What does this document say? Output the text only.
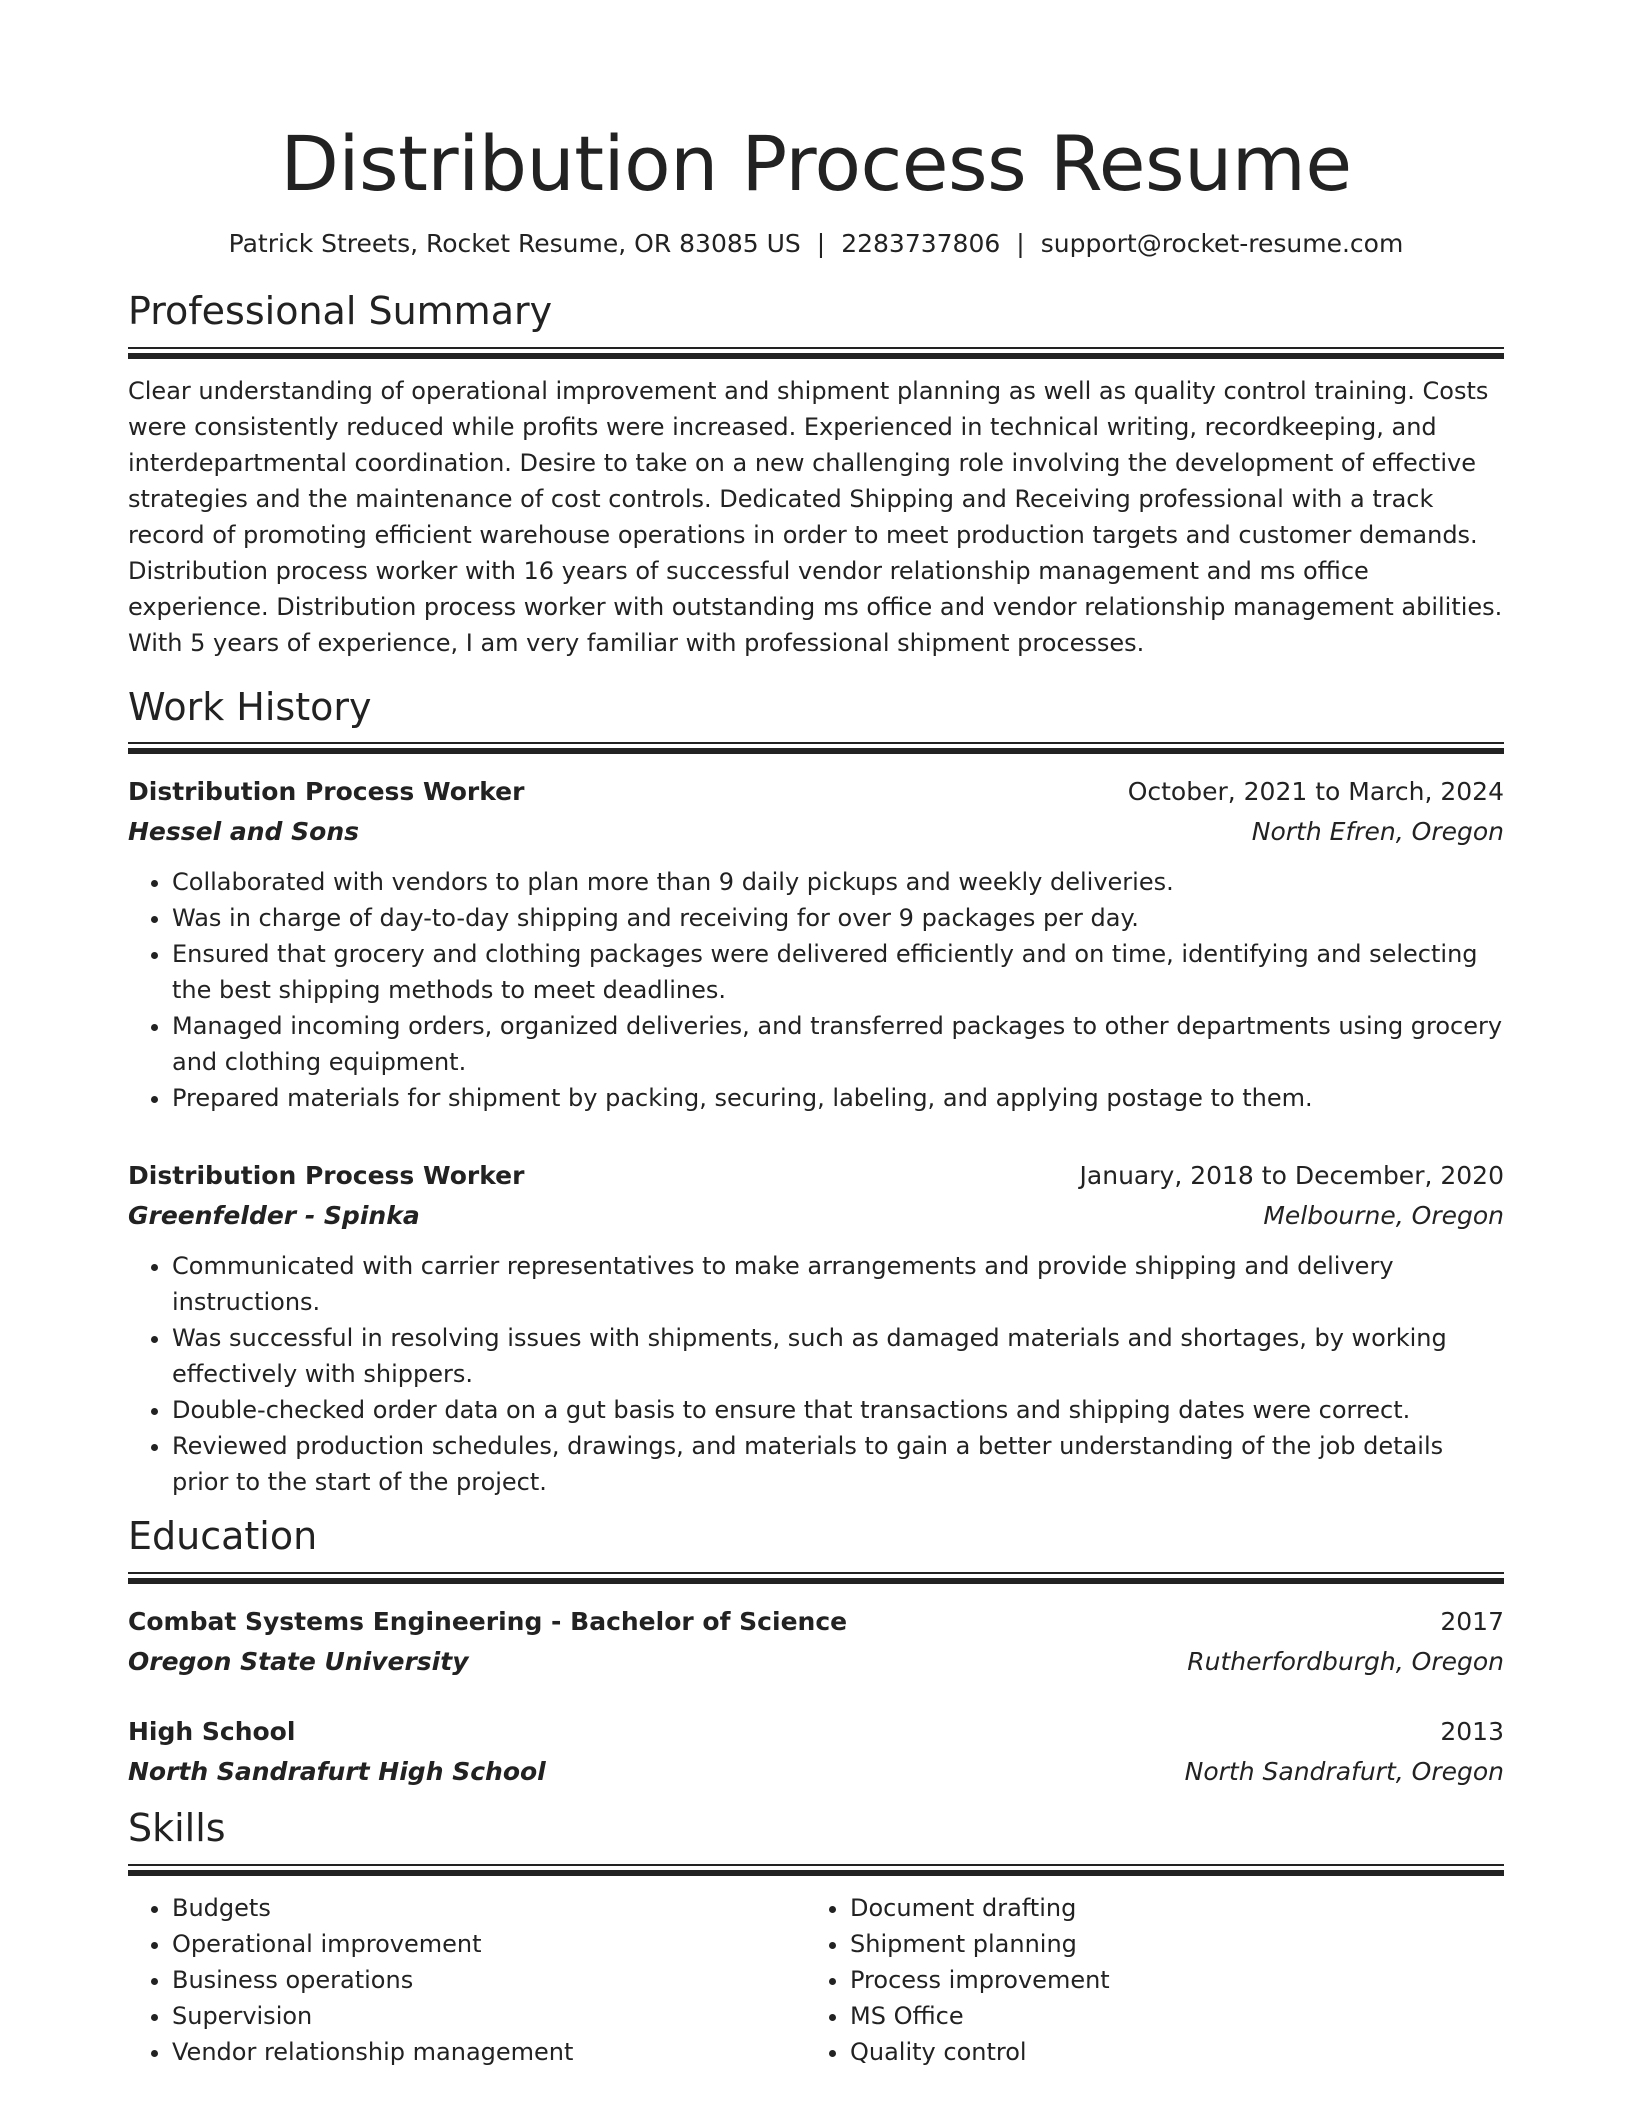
Distribution Process Resume
Patrick Streets, Rocket Resume, OR 83085 US | 2283737806 | support@rocket-resume.com
Professional Summary

Clear understanding of operational improvement and shipment planning as well as quality control training. Costs were consistently reduced while profits were increased. Experienced in technical writing, recordkeeping, and interdepartmental coordination. Desire to take on a new challenging role involving the development of effective strategies and the maintenance of cost controls. Dedicated Shipping and Receiving professional with a track record of promoting efficient warehouse operations in order to meet production targets and customer demands. Distribution process worker with 16 years of successful vendor relationship management and ms office experience. Distribution process worker with outstanding ms office and vendor relationship management abilities. With 5 years of experience, I am very familiar with professional shipment processes.

Work History
Distribution Process Worker	October, 2021 to March, 2024
Hessel and Sons	North Efren, Oregon
• Collaborated with vendors to plan more than 9 daily pickups and weekly deliveries.
• Was in charge of day-to-day shipping and receiving for over 9 packages per day.
• Ensured that grocery and clothing packages were delivered efficiently and on time, identifying and selecting the best shipping methods to meet deadlines.
• Managed incoming orders, organized deliveries, and transferred packages to other departments using grocery and clothing equipment.
• Prepared materials for shipment by packing, securing, labeling, and applying postage to them.
Distribution Process Worker	January, 2018 to December, 2020
Greenfelder - Spinka	Melbourne, Oregon
• Communicated with carrier representatives to make arrangements and provide shipping and delivery instructions.
• Was successful in resolving issues with shipments, such as damaged materials and shortages, by working effectively with shippers.
• Double-checked order data on a gut basis to ensure that transactions and shipping dates were correct.
• Reviewed production schedules, drawings, and materials to gain a better understanding of the job details prior to the start of the project.
Education
Combat Systems Engineering - Bachelor of Science	2017
Oregon State University	Rutherfordburgh, Oregon
High School	2013
North Sandrafurt High School	North Sandrafurt, Oregon
Skills
• Budgets
• Operational improvement
• Business operations
• Supervision
• Vendor relationship management
• Document drafting
• Shipment planning
• Process improvement
• MS Office
• Quality control
